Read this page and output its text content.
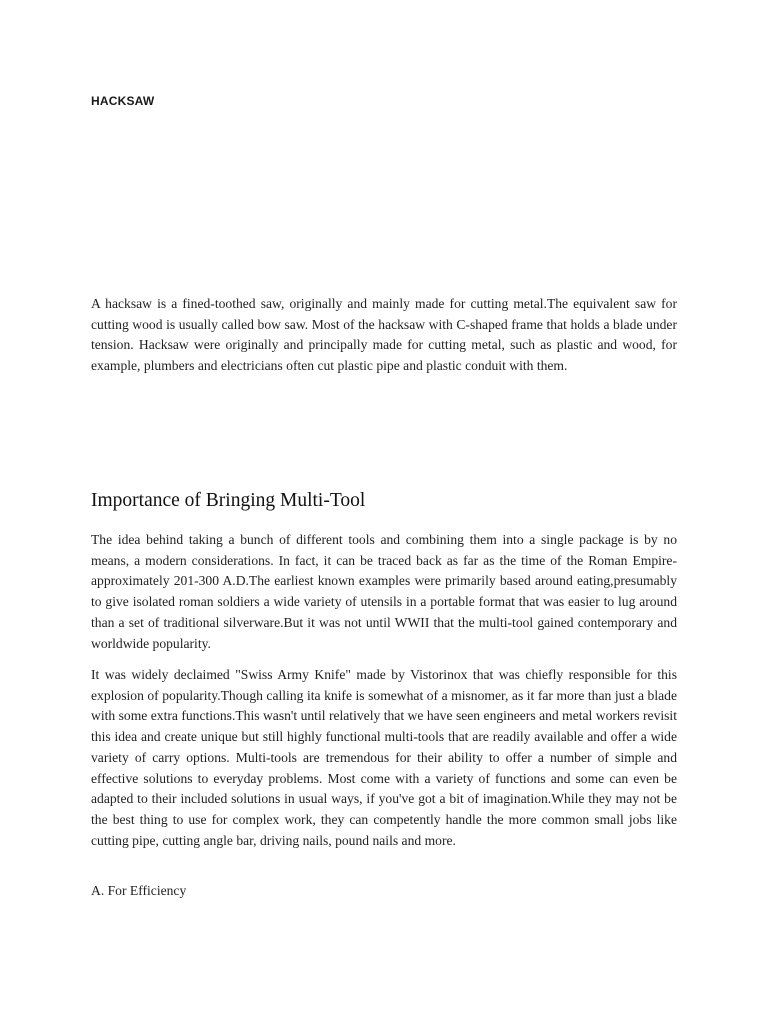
HACKSAW

A hacksaw is a fined-toothed saw, originally and mainly made for cutting metal.The equivalent saw for cutting wood is usually called bow saw. Most of the hacksaw with C-shaped frame that holds a blade under tension. Hacksaw were originally and principally made for cutting metal, such as plastic and wood, for example, plumbers and electricians often cut plastic pipe and plastic conduit with them.

Importance of Bringing Multi-Tool

The idea behind taking a bunch of different tools and combining them into a single package is by no means, a modern considerations. In fact, it can be traced back as far as the time of the Roman Empire- approximately 201-300 A.D.The earliest known examples were primarily based around eating,presumably to give isolated roman soldiers a wide variety of utensils in a portable format that was easier to lug around than a set of traditional silverware.But it was not until WWII that the multi-tool gained contemporary and worldwide popularity.

It was widely declaimed "Swiss Army Knife" made by Vistorinox that was chiefly responsible for this explosion of popularity.Though calling ita knife is somewhat of a misnomer, as it far more than just a blade with some extra functions.This wasn't until relatively that we have seen engineers and metal workers revisit this idea and create unique but still highly functional multi-tools that are readily available and offer a wide variety of carry options. Multi-tools are tremendous for their ability to offer a number of simple and effective solutions to everyday problems. Most come with a variety of functions and some can even be adapted to their included solutions in usual ways, if you've got a bit of imagination.While they may not be the best thing to use for complex work, they can competently handle the more common small jobs like cutting pipe, cutting angle bar, driving nails, pound nails and more.

A. For Efficiency
